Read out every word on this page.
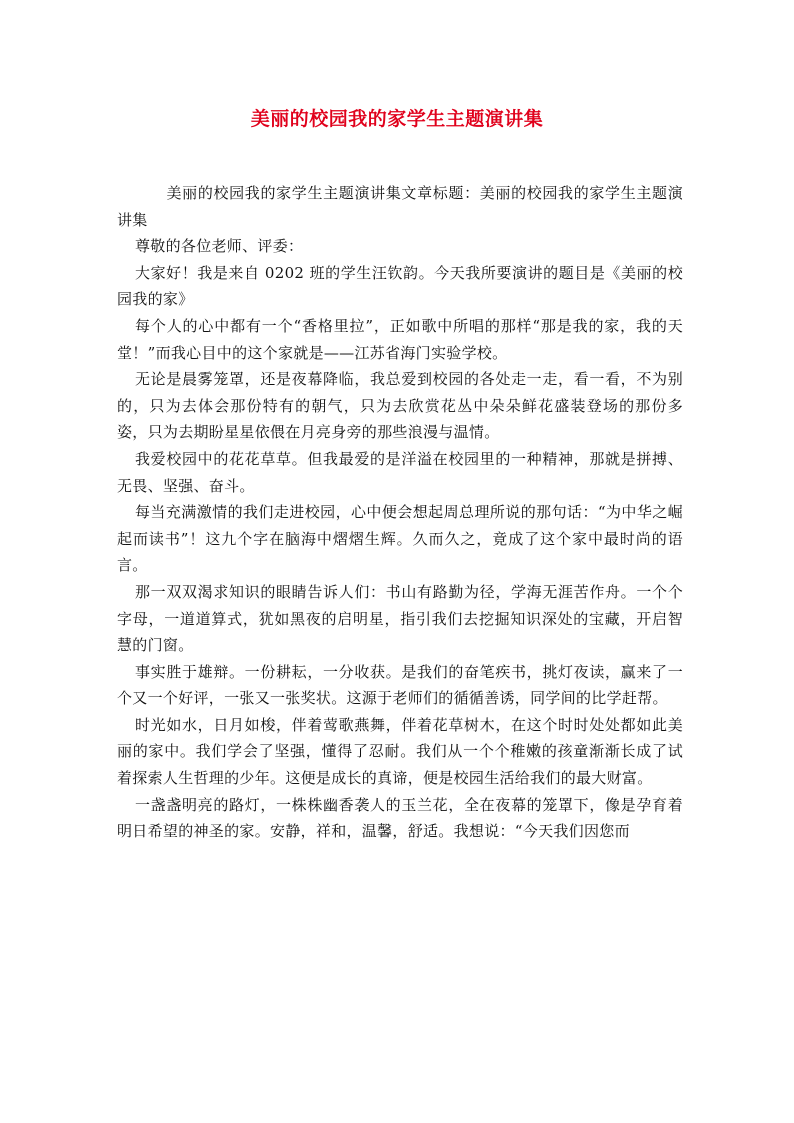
美丽的校园我的家学生主题演讲集

美丽的校园我的家学生主题演讲集文章标题：美丽的校园我的家学生主题演讲集

尊敬的各位老师、评委：

大家好！我是来自 0202 班的学生汪钦韵。今天我所要演讲的题目是《美丽的校园我的家》

每个人的心中都有一个“香格里拉”，正如歌中所唱的那样“那是我的家，我的天堂！”而我心目中的这个家就是——江苏省海门实验学校。

无论是晨雾笼罩，还是夜幕降临，我总爱到校园的各处走一走，看一看，不为别的，只为去体会那份特有的朝气，只为去欣赏花丛中朵朵鲜花盛装登场的那份多姿，只为去期盼星星依偎在月亮身旁的那些浪漫与温情。

我爱校园中的花花草草。但我最爱的是洋溢在校园里的一种精神，那就是拼搏、无畏、坚强、奋斗。

每当充满激情的我们走进校园，心中便会想起周总理所说的那句话：“为中华之崛起而读书”！这九个字在脑海中熠熠生辉。久而久之，竟成了这个家中最时尚的语言。

那一双双渴求知识的眼睛告诉人们：书山有路勤为径，学海无涯苦作舟。一个个字母，一道道算式，犹如黑夜的启明星，指引我们去挖掘知识深处的宝藏，开启智慧的门窗。

事实胜于雄辩。一份耕耘，一分收获。是我们的奋笔疾书，挑灯夜读，赢来了一个又一个好评，一张又一张奖状。这源于老师们的循循善诱，同学间的比学赶帮。

时光如水，日月如梭，伴着莺歌燕舞，伴着花草树木，在这个时时处处都如此美丽的家中。我们学会了坚强，懂得了忍耐。我们从一个个稚嫩的孩童渐渐长成了试着探索人生哲理的少年。这便是成长的真谛，便是校园生活给我们的最大财富。

一盏盏明亮的路灯，一株株幽香袭人的玉兰花，全在夜幕的笼罩下，像是孕育着明日希望的神圣的家。安静，祥和，温馨，舒适。我想说：“今天我们因您而
